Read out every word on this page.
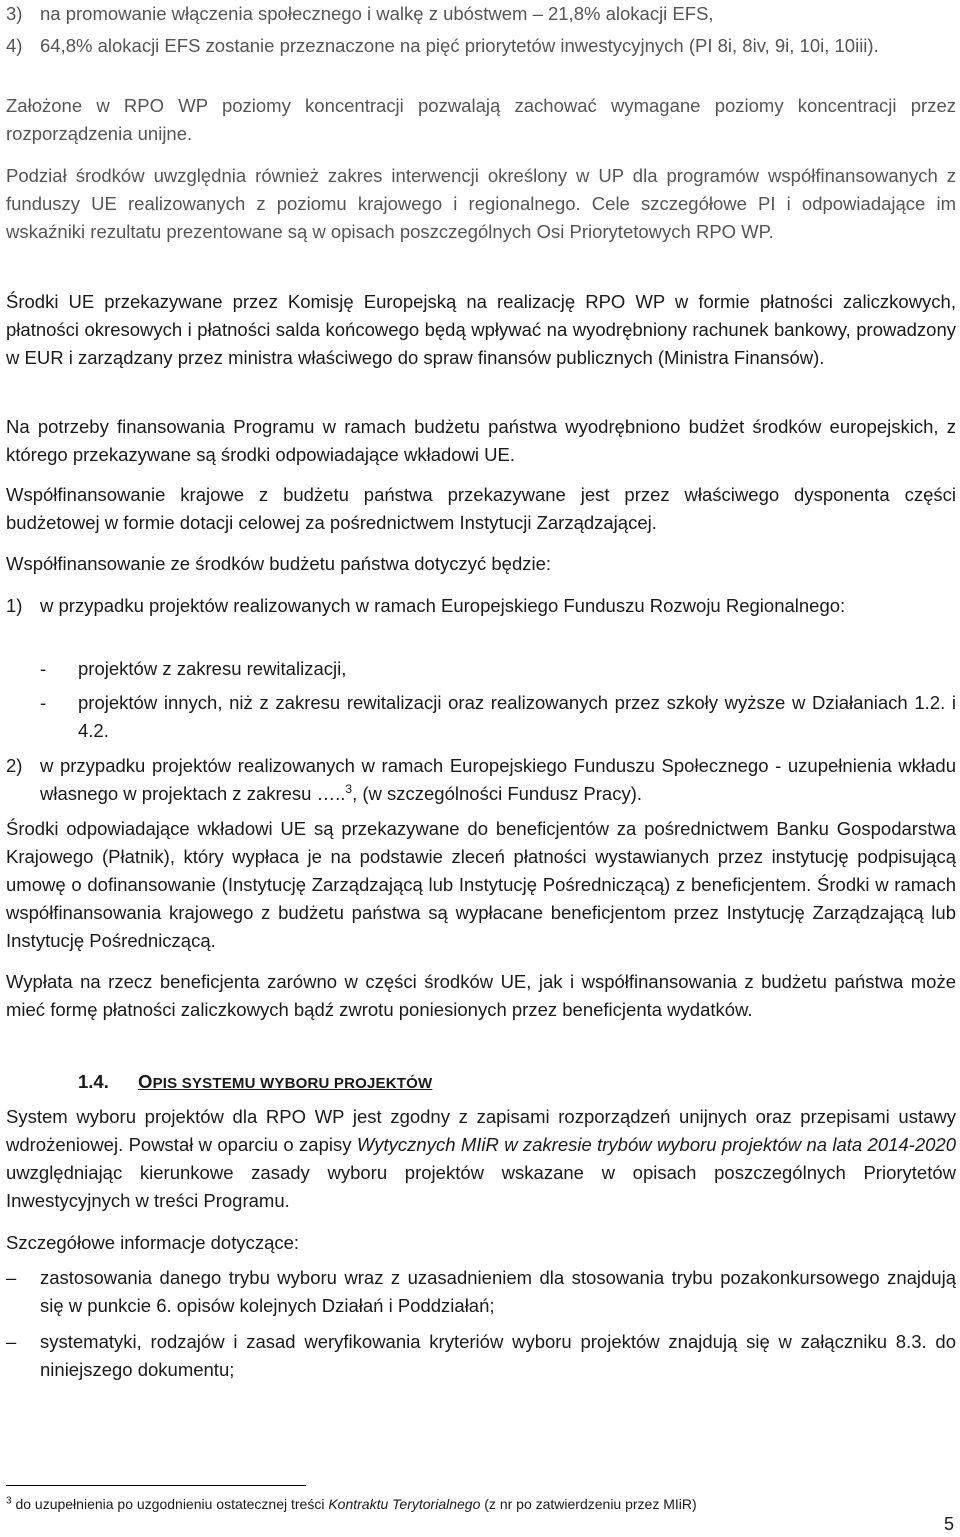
3) na promowanie włączenia społecznego i walkę z ubóstwem – 21,8% alokacji EFS,
4) 64,8% alokacji EFS zostanie przeznaczone na pięć priorytetów inwestycyjnych (PI 8i, 8iv, 9i, 10i, 10iii).
Założone w RPO WP poziomy koncentracji pozwalają zachować wymagane poziomy koncentracji przez rozporządzenia unijne.
Podział środków uwzględnia również zakres interwencji określony w UP dla programów współfinansowanych z funduszy UE realizowanych z poziomu krajowego i regionalnego. Cele szczegółowe PI i odpowiadające im wskaźniki rezultatu prezentowane są w opisach poszczególnych Osi Priorytetowych RPO WP.
Środki UE przekazywane przez Komisję Europejską na realizację RPO WP w formie płatności zaliczkowych, płatności okresowych i płatności salda końcowego będą wpływać na wyodrębniony rachunek bankowy, prowadzony w EUR i zarządzany przez ministra właściwego do spraw finansów publicznych (Ministra Finansów).
Na potrzeby finansowania Programu w ramach budżetu państwa wyodrębniono budżet środków europejskich, z którego przekazywane są środki odpowiadające wkładowi UE.
Współfinansowanie krajowe z budżetu państwa przekazywane jest przez właściwego dysponenta części budżetowej w formie dotacji celowej za pośrednictwem Instytucji Zarządzającej.
Współfinansowanie ze środków budżetu państwa dotyczyć będzie:
1) w przypadku projektów realizowanych w ramach Europejskiego Funduszu Rozwoju Regionalnego:
- projektów z zakresu rewitalizacji,
- projektów innych, niż z zakresu rewitalizacji oraz realizowanych przez szkoły wyższe w Działaniach 1.2. i 4.2.
2) w przypadku projektów realizowanych w ramach Europejskiego Funduszu Społecznego - uzupełnienia wkładu własnego w projektach z zakresu …..$^3$, (w szczególności Fundusz Pracy).
Środki odpowiadające wkładowi UE są przekazywane do beneficjentów za pośrednictwem Banku Gospodarstwa Krajowego (Płatnik), który wypłaca je na podstawie zleceń płatności wystawianych przez instytucję podpisującą umowę o dofinansowanie (Instytucję Zarządzającą lub Instytucję Pośredniczącą) z beneficjentem. Środki w ramach współfinansowania krajowego z budżetu państwa są wypłacane beneficjentom przez Instytucję Zarządzającą lub Instytucję Pośredniczącą.
Wypłata na rzecz beneficjenta zarówno w części środków UE, jak i współfinansowania z budżetu państwa może mieć formę płatności zaliczkowych bądź zwrotu poniesionych przez beneficjenta wydatków.
1.4. OPIS SYSTEMU WYBORU PROJEKTÓW
System wyboru projektów dla RPO WP jest zgodny z zapisami rozporządzeń unijnych oraz przepisami ustawy wdrożeniowej. Powstał w oparciu o zapisy Wytycznych MIiR w zakresie trybów wyboru projektów na lata 2014-2020 uwzględniając kierunkowe zasady wyboru projektów wskazane w opisach poszczególnych Priorytetów Inwestycyjnych w treści Programu.
Szczegółowe informacje dotyczące:
– zastosowania danego trybu wyboru wraz z uzasadnieniem dla stosowania trybu pozakonkursowego znajdują się w punkcie 6. opisów kolejnych Działań i Poddziałań;
– systematyki, rodzajów i zasad weryfikowania kryteriów wyboru projektów znajdują się w załączniku 8.3. do niniejszego dokumentu;
$^3$ do uzupełnienia po uzgodnieniu ostatecznej treści Kontraktu Terytorialnego (z nr po zatwierdzeniu przez MIiR)
5
